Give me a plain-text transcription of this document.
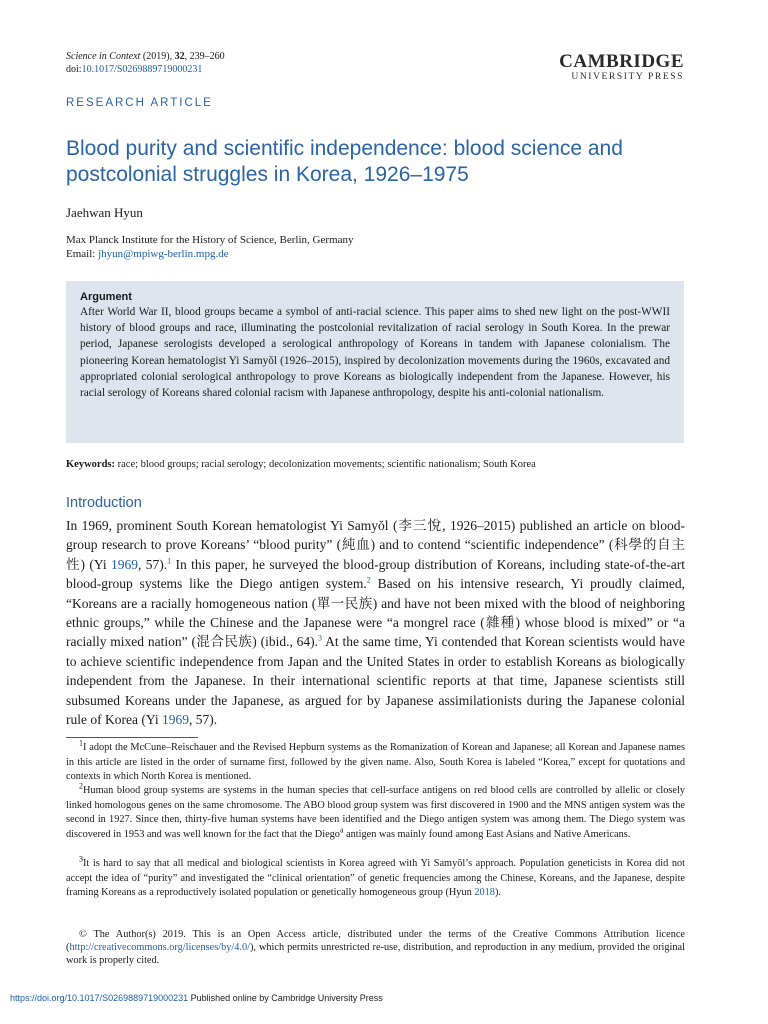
Science in Context (2019), 32, 239–260
doi:10.1017/S0269889719000231	CAMBRIDGE
UNIVERSITY PRESS
RESEARCH ARTICLE
Blood purity and scientific independence: blood science and postcolonial struggles in Korea, 1926–1975
Jaehwan Hyun
Max Planck Institute for the History of Science, Berlin, Germany
Email: jhyun@mpiwg-berlin.mpg.de
Argument

After World War II, blood groups became a symbol of anti-racial science. This paper aims to shed new light on the post-WWII history of blood groups and race, illuminating the postcolonial revitalization of racial serology in South Korea. In the prewar period, Japanese serologists developed a serological anthropology of Koreans in tandem with Japanese colonialism. The pioneering Korean hematologist Yi Samyŏl (1926–2015), inspired by decolonization movements during the 1960s, excavated and appropriated colonial serological anthropology to prove Koreans as biologically independent from the Japanese. However, his racial serology of Koreans shared colonial racism with Japanese anthropology, despite his anti-colonial nationalism.

Keywords: race; blood groups; racial serology; decolonization movements; scientific nationalism; South Korea
Introduction

In 1969, prominent South Korean hematologist Yi Samyŏl (李三悅, 1926–2015) published an article on blood-group research to prove Koreans’ “blood purity” (純血) and to contend “scientific independence” (科學的自主性) (Yi 1969, 57).$^1$ In this paper, he surveyed the blood-group distribution of Koreans, including state-of-the-art blood-group systems like the Diego antigen system.$^2$ Based on his intensive research, Yi proudly claimed, “Koreans are a racially homogeneous nation (單一民族) and have not been mixed with the blood of neighboring ethnic groups,” while the Chinese and the Japanese were “a mongrel race (雜種) whose blood is mixed” or “a racially mixed nation” (混合民族) (ibid., 64).$^3$ At the same time, Yi contended that Korean scientists would have to achieve scientific independence from Japan and the United States in order to establish Koreans as biologically independent from the Japanese. In their international scientific reports at that time, Japanese scientists still subsumed Koreans under the Japanese, as argued for by Japanese assimilationists during the Japanese colonial rule of Korea (Yi 1969, 57).

$^1$I adopt the McCune–Reischauer and the Revised Hepburn systems as the Romanization of Korean and Japanese; all Korean and Japanese names in this article are listed in the order of surname first, followed by the given name. Also, South Korea is labeled “Korea,” except for quotations and contexts in which North Korea is mentioned.

$^2$Human blood group systems are systems in the human species that cell-surface antigens on red blood cells are controlled by allelic or closely linked homologous genes on the same chromosome. The ABO blood group system was first discovered in 1900 and the MNS antigen system was the second in 1927. Since then, thirty-five human systems have been identified and the Diego antigen system was among them. The Diego system was discovered in 1953 and was well known for the fact that the Diego$^a$ antigen was mainly found among East Asians and Native Americans.

$^3$It is hard to say that all medical and biological scientists in Korea agreed with Yi Samyŏl’s approach. Population geneticists in Korea did not accept the idea of “purity” and investigated the “clinical orientation” of genetic frequencies among the Chinese, Koreans, and the Japanese, despite framing Koreans as a reproductively isolated population or genetically homogeneous group (Hyun 2018).

© The Author(s) 2019. This is an Open Access article, distributed under the terms of the Creative Commons Attribution licence (http://creativecommons.org/licenses/by/4.0/), which permits unrestricted re-use, distribution, and reproduction in any medium, provided the original work is properly cited.

https://doi.org/10.1017/S0269889719000231 Published online by Cambridge University Press
